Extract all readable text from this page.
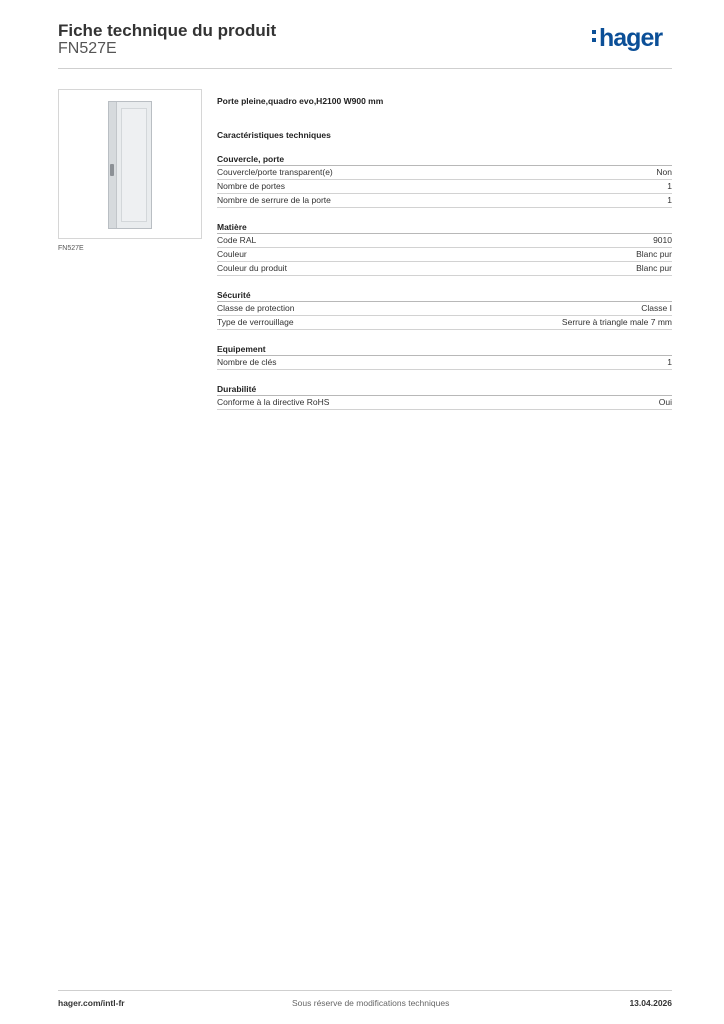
Fiche technique du produit
FN527E	hager
FN527E
Porte pleine,quadro evo,H2100 W900 mm
Caractéristiques techniques
Couvercle, porte
Couvercle/porte transparent(e)	Non
Nombre de portes	1
Nombre de serrure de la porte	1
Matière
Code RAL	9010
Couleur	Blanc pur
Couleur du produit	Blanc pur
Sécurité
Classe de protection	Classe I
Type de verrouillage	Serrure à triangle male 7 mm
Equipement
Nombre de clés	1
Durabilité
Conforme à la directive RoHS	Oui
hager.com/intl-fr	Sous réserve de modifications techniques	13.04.2026
